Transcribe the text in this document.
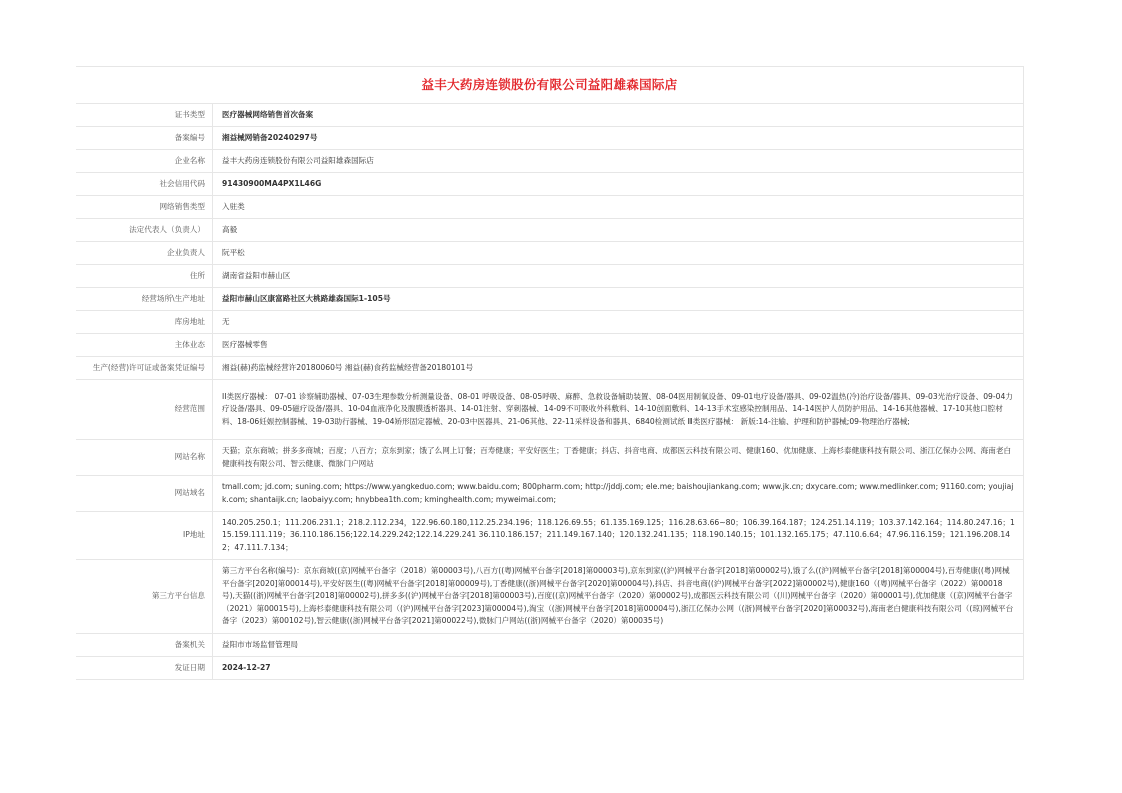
益丰大药房连锁股份有限公司益阳雄森国际店
证书类型	医疗器械网络销售首次备案
备案编号	湘益械网销备20240297号
企业名称	益丰大药房连锁股份有限公司益阳雄森国际店
社会信用代码	91430900MA4PX1L46G
网络销售类型	入驻类
法定代表人（负责人）	高毅
企业负责人	阮平松
住所	湖南省益阳市赫山区
经营场所\生产地址	益阳市赫山区康富路社区大桃路雄森国际1-105号
库房地址	无
主体业态	医疗器械零售
生产(经营)许可证或备案凭证编号	湘益(赫)药监械经营许20180060号 湘益(赫)食药监械经营备20180101号
经营范围	II类医疗器械： 07-01 诊察辅助器械、07-03生理参数分析测量设备、08-01 呼吸设备、08-05呼吸、麻醉、急救设备辅助装置、08-04医用制氧设备、09-01电疗设备/器具、09-02温热(冷)治疗设备/器具、09-03光治疗设备、09-04力疗设备/器具、09-05磁疗设备/器具、10-04血液净化及腹膜透析器具、14-01注射、穿刺器械、14-09不可吸收外科敷料、14-10创面敷料、14-13手术室感染控制用品、14-14医护人员防护用品、14-16其他器械、17-10其他口腔材料、18-06妊娠控制器械、19-03助行器械、19-04矫形固定器械、20-03中医器具、21-06其他、22-11采样设备和器具、6840检测试纸 Ⅲ类医疗器械： 新版:14-注输、护理和防护器械;09-物理治疗器械;
网站名称	天猫；京东商城；拼多多商城；百度；八百方；京东到家；饿了么网上订餐；百寿健康；平安好医生；丁香健康；抖店、抖音电商、成都医云科技有限公司、健康160、优加健康、上海杉泰健康科技有限公司、浙江亿保办公网、海南老白健康科技有限公司、智云健康、微脉门户网站
网站域名	tmall.com; jd.com; suning.com; https://www.yangkeduo.com; www.baidu.com; 800pharm.com; http://jddj.com; ele.me; baishoujiankang.com; www.jk.cn; dxycare.com; www.medlinker.com; 91160.com; youjiajk.com; shantaijk.cn; laobaiyy.com; hnybbea1th.com; kminghealth.com; myweimai.com;
IP地址	140.205.250.1；111.206.231.1；218.2.112.234，122.96.60.180,112.25.234.196；118.126.69.55；61.135.169.125；116.28.63.66~80；106.39.164.187；124.251.14.119；103.37.142.164；114.80.247.16；115.159.111.119；36.110.186.156;122.14.229.242;122.14.229.241 36.110.186.157；211.149.167.140；120.132.241.135；118.190.140.15；101.132.165.175；47.110.6.64；47.96.116.159；121.196.208.142；47.111.7.134；
第三方平台信息	第三方平台名称(编号)：京东商城((京)网械平台备字（2018）第00003号),八百方((粤)网械平台备字[2018]第00003号),京东到家((沪)网械平台备字[2018]第00002号),饿了么((沪)网械平台备字[2018]第00004号),百寿健康((粤)网械平台备字[2020]第00014号),平安好医生((粤)网械平台备字[2018]第00009号),丁香健康((浙)网械平台备字[2020]第00004号),抖店、抖音电商((沪)网械平台备字[2022]第00002号),健康160（(粤)网械平台备字（2022）第00018号),天猫((浙)网械平台备字[2018]第00002号),拼多多((沪)网械平台备字[2018]第00003号),百度((京)网械平台备字（2020）第00002号),成都医云科技有限公司（(川)网械平台备字（2020）第00001号),优加健康（(京)网械平台备字（2021）第00015号),上海杉泰健康科技有限公司（(沪)网械平台备字[2023]第00004号),淘宝（(浙)网械平台备字[2018]第00004号),浙江亿保办公网（(浙)网械平台备字[2020]第00032号),海南老白健康科技有限公司（(琼)网械平台备字（2023）第00102号),智云健康((浙)网械平台备字[2021]第00022号),微脉门户网站((浙)网械平台备字（2020）第00035号)
备案机关	益阳市市场监督管理局
发证日期	2024-12-27
